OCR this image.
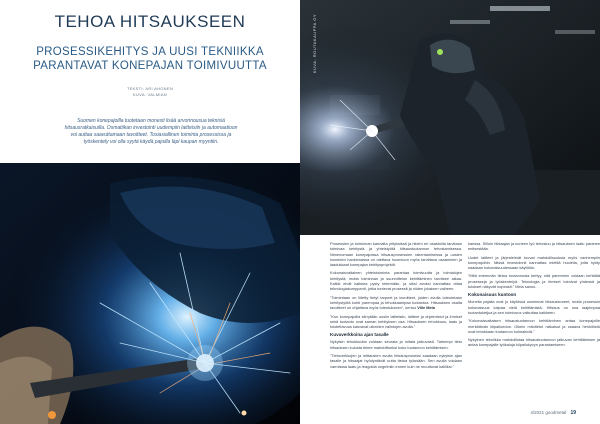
TEHOA HITSAUKSEEN
PROSESSIKEHITYS JA UUSI TEKNIIKKA PARANTAVAT KONEPAJAN TOIMIVUUTTA
TEKSTI: ARI AHONEN
KUVA: VALMIAN
Suomen konepajoilla tuotetaan monesti lisää arvonnousua teknisiä hitsausratkaisuilla. Osmatiikan investointi uudempiin laitteisiin ja automaatioon voi auttaa saavuttamaan tavoitteet. Tosiasiallinen toiminta prosessissa ja työskentely voi olla syytä käydä pajoilla läpi kaupan myyntiin.
KUVA: ROUTAKAUPPA OY

Prosessien ja toiminnan kannalta yrityksissä ja niiden eri osastoilla tarvitaan toimivaa kehitystä ja yhteistyötä hitsaustuotannon tehostamisessa. Nimenomaan konepajoissa hitsausprosessien rakentamisessa ja uusien koneiden hankinnassa on otettava huomioon myös tarvittava osaaminen ja laadukkaat konepajan kehitysprojektit.

Kokonaisvaltainen yhteistoiminta parantaa toimivuutta ja toimialojen kehitystä, mutta toiminnan ja suunnittelun kehittäminen tarvitsee aikaa. Kaikki eivät kaikkea pysty tekemään, ja siksi avuksi kannattaa ottaa teknologiakumppanit, jotka tuntevat prosessit ja niiden jokaisen vaiheen.

"Toimintaan on liitetty tietyt tarpeet ja tavoitteet, joiden avulla toteutetaan kehitystyötä kohti parempaa ja tehokkaampaa tuotantoa. Hitsauksen osalta tavoitteet on ohjattava myös toteutukseen", kertoo Ville Mela

"Kun konepajoilla siirrytään uusiin laitteisiin, laitteet ja ohjelmistot ja ihmiset sekä tuotanto ovat saman kehityksen osa. Hitsauksen tehokkuus, laatu ja toistettavuus kasvavat oikeiden valintojen avulla."

Kuvaverkkoina ajan tasalle

Nykyisin tehokkuutta voidaan seurata ja mitata jatkuvasti. Tarkempi tieto hitsauksen kulusta tekee mahdolliseksi koko tuotannon kehittämisen.

"Tietoverkkojen ja mittausten avulla hitsausprosessi saadaan nykyisin ajan tasalle ja hitsaajat hyödyntävät uutta tietoa työssään. Sen avulla voidaan varmistaa laatu ja reagoida ongelmiin ennen kuin ne muuttuvat kalliiksi."

kanssa. Silloin hitsaajan ja koneen työ tehostuu ja hitsauksen laatu paranee entisestään.

Uudet laitteet ja järjestelmät tuovat mahdollisuuksia myös vanhempiin konepajoihin. Niissä investoinnit kannattaa miettiä huolella, jotta hyöty saadaan kokonaisuudessaan käyttöön.

"Mitä enemmän tietoa tuotannosta kertyy, sitä paremmin voidaan kehittää prosesseja ja työskentelyä. Teknologia ja ihmiset toimivat yhdessä ja tulokset näkyvät nopeasti." Mela sanoo.

Kokonaisuus kuntoon

Monella pajalla ovat jo käytössä uusimmat hitsauskoneet, mutta prosessin kokonaisuus kaipaa vielä kehittämistä. Hitsaus on osa laajempaa tuotantoketjua ja sen toimivuus vaikuttaa kaikkeen.

"Kokonaisvaltaisen hitsaustuotannon kehittäminen antaa konepajoille merkittävän kilpailuedun. Oikein mitoitetut ratkaisut ja osaava henkilöstö ovat tehokkaan tuotannon kulmakiviä."

Nykyinen tekniikka mahdollistaa hitsaustuotannon jatkuvan kehittämisen ja antaa konepajalle työkaluja kilpailukyvyn parantamiseen.

4/2021 goodmetal 19
